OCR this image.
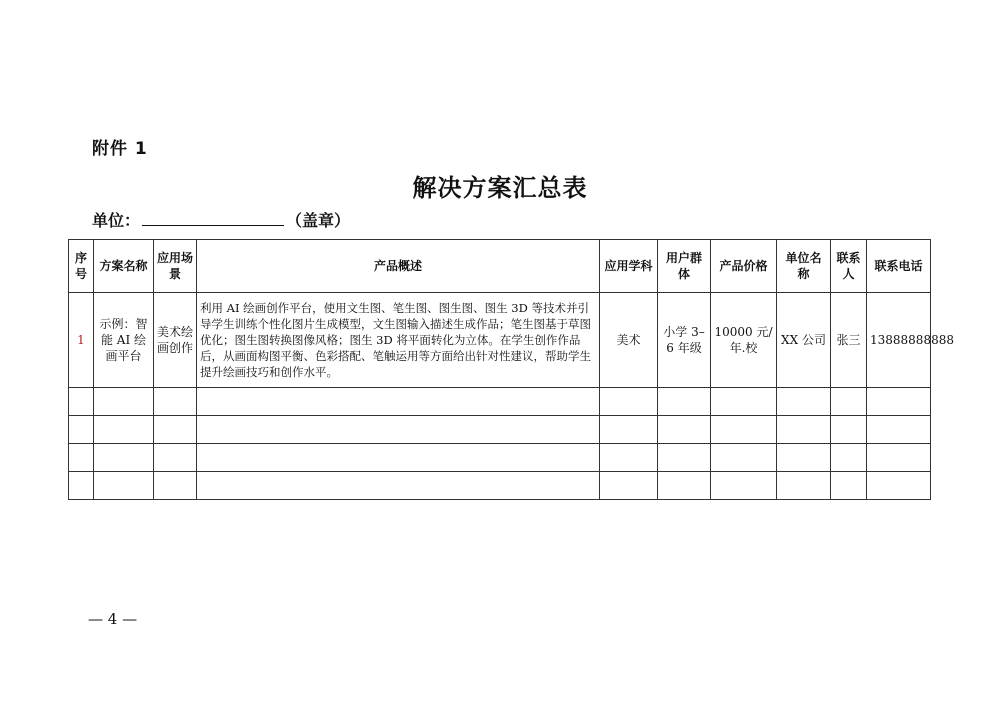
附件 1
解决方案汇总表
单位：	（盖章）
序号	方案名称	应用场景	产品概述	应用学科	用户群体	产品价格	单位名称	联系人	联系电话
1	示例：智能 AI 绘画平台	美术绘画创作	利用 AI 绘画创作平台，使用文生图、笔生图、图生图、图生 3D 等技术并引导学生训练个性化图片生成模型，文生图输入描述生成作品；笔生图基于草图优化；图生图转换图像风格；图生 3D 将平面转化为立体。在学生创作作品后，从画面构图平衡、色彩搭配、笔触运用等方面给出针对性建议，帮助学生提升绘画技巧和创作水平。	美术	小学 3–6 年级	10000 元/年.校	XX 公司	张三	13888888888

— 4 —
